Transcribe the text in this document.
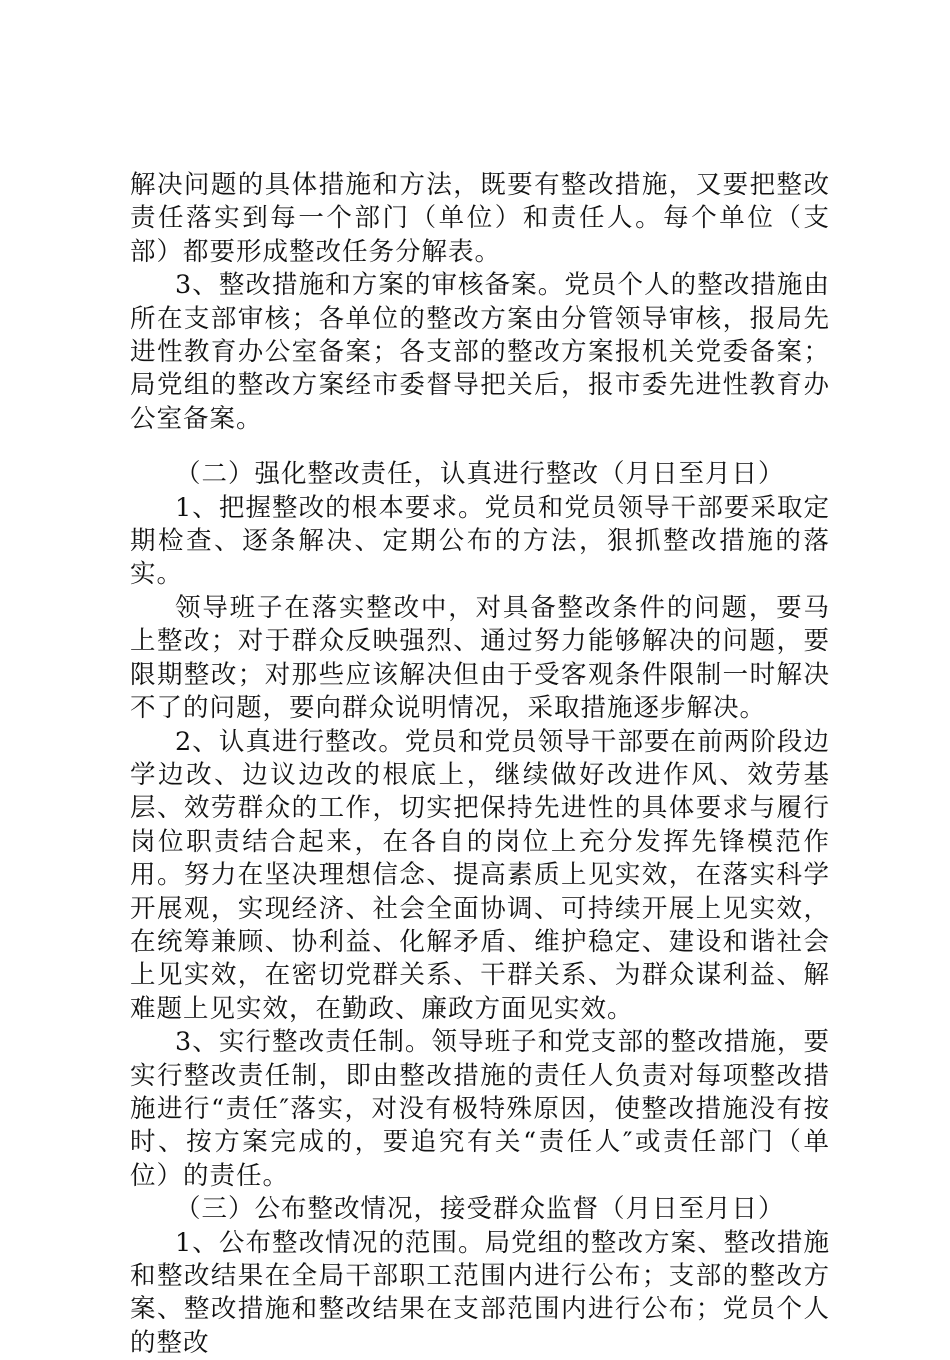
解决问题的具体措施和方法，既要有整改措施，又要把整改责任落实到每一个部门（单位）和责任人。每个单位（支部）都要形成整改任务分解表。

3、整改措施和方案的审核备案。党员个人的整改措施由所在支部审核；各单位的整改方案由分管领导审核，报局先进性教育办公室备案；各支部的整改方案报机关党委备案；局党组的整改方案经市委督导把关后，报市委先进性教育办公室备案。

（二）强化整改责任，认真进行整改（月日至月日）

1、把握整改的根本要求。党员和党员领导干部要采取定期检查、逐条解决、定期公布的方法，狠抓整改措施的落实。

领导班子在落实整改中，对具备整改条件的问题，要马上整改；对于群众反映强烈、通过努力能够解决的问题，要限期整改；对那些应该解决但由于受客观条件限制一时解决不了的问题，要向群众说明情况，采取措施逐步解决。

2、认真进行整改。党员和党员领导干部要在前两阶段边学边改、边议边改的根底上，继续做好改进作风、效劳基层、效劳群众的工作，切实把保持先进性的具体要求与履行岗位职责结合起来，在各自的岗位上充分发挥先锋模范作用。努力在坚决理想信念、提高素质上见实效，在落实科学开展观，实现经济、社会全面协调、可持续开展上见实效，在统筹兼顾、协利益、化解矛盾、维护稳定、建设和谐社会上见实效，在密切党群关系、干群关系、为群众谋利益、解难题上见实效，在勤政、廉政方面见实效。

3、实行整改责任制。领导班子和党支部的整改措施，要实行整改责任制，即由整改措施的责任人负责对每项整改措施进行“责任″落实，对没有极特殊原因，使整改措施没有按时、按方案完成的，要追究有关“责任人″或责任部门（单位）的责任。

（三）公布整改情况，接受群众监督（月日至月日）

1、公布整改情况的范围。局党组的整改方案、整改措施和整改结果在全局干部职工范围内进行公布；支部的整改方案、整改措施和整改结果在支部范围内进行公布；党员个人的整改
